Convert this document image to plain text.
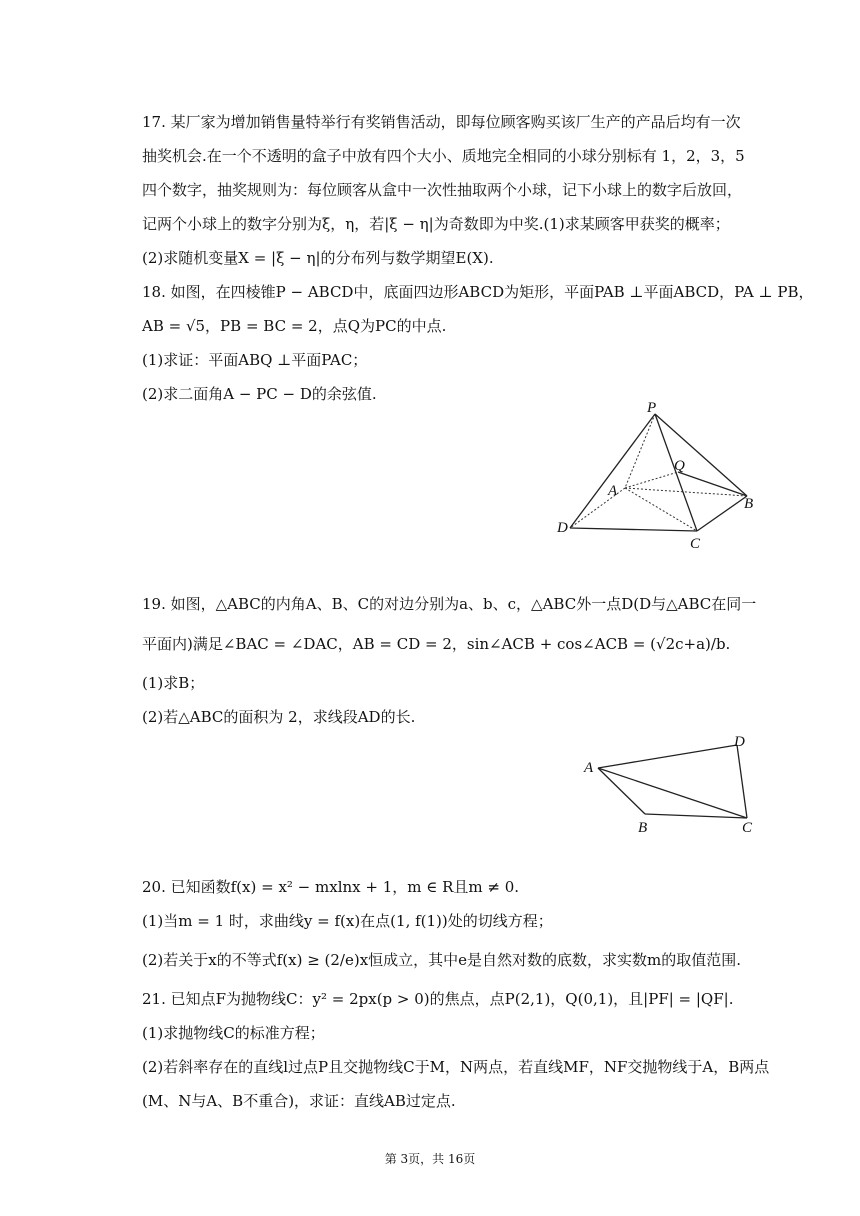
17. 某厂家为增加销售量特举行有奖销售活动，即每位顾客购买该厂生产的产品后均有一次
抽奖机会.在一个不透明的盒子中放有四个大小、质地完全相同的小球分别标有 1，2，3，5
四个数字，抽奖规则为：每位顾客从盒中一次性抽取两个小球，记下小球上的数字后放回，
记两个小球上的数字分别为ξ，η，若|ξ − η|为奇数即为中奖.(1)求某顾客甲获奖的概率；
(2)求随机变量X = |ξ − η|的分布列与数学期望E(X).
18. 如图，在四棱锥P − ABCD中，底面四边形ABCD为矩形，平面PAB ⊥平面ABCD，PA ⊥ PB，
AB = √5，PB = BC = 2，点Q为PC的中点.
(1)求证：平面ABQ ⊥平面PAC；
(2)求二面角A − PC − D的余弦值.
P
Q
A
B
C
D
19. 如图，△ABC的内角A、B、C的对边分别为a、b、c，△ABC外一点D(D与△ABC在同一
平面内)满足∠BAC = ∠DAC，AB = CD = 2，sin∠ACB + cos∠ACB = (√2c+a)/b.
(1)求B；
(2)若△ABC的面积为 2，求线段AD的长.
A
D
B	C
20. 已知函数f(x) = x² − mxlnx + 1，m ∈ R且m ≠ 0.
(1)当m = 1 时，求曲线y = f(x)在点(1, f(1))处的切线方程；
(2)若关于x的不等式f(x) ≥ (2/e)x恒成立，其中e是自然对数的底数，求实数m的取值范围.
21. 已知点F为抛物线C：y² = 2px(p > 0)的焦点，点P(2,1)，Q(0,1)，且|PF| = |QF|.
(1)求抛物线C的标准方程；
(2)若斜率存在的直线l过点P且交抛物线C于M，N两点，若直线MF，NF交抛物线于A，B两点
(M、N与A、B不重合)，求证：直线AB过定点.
第 3页，共 16页
